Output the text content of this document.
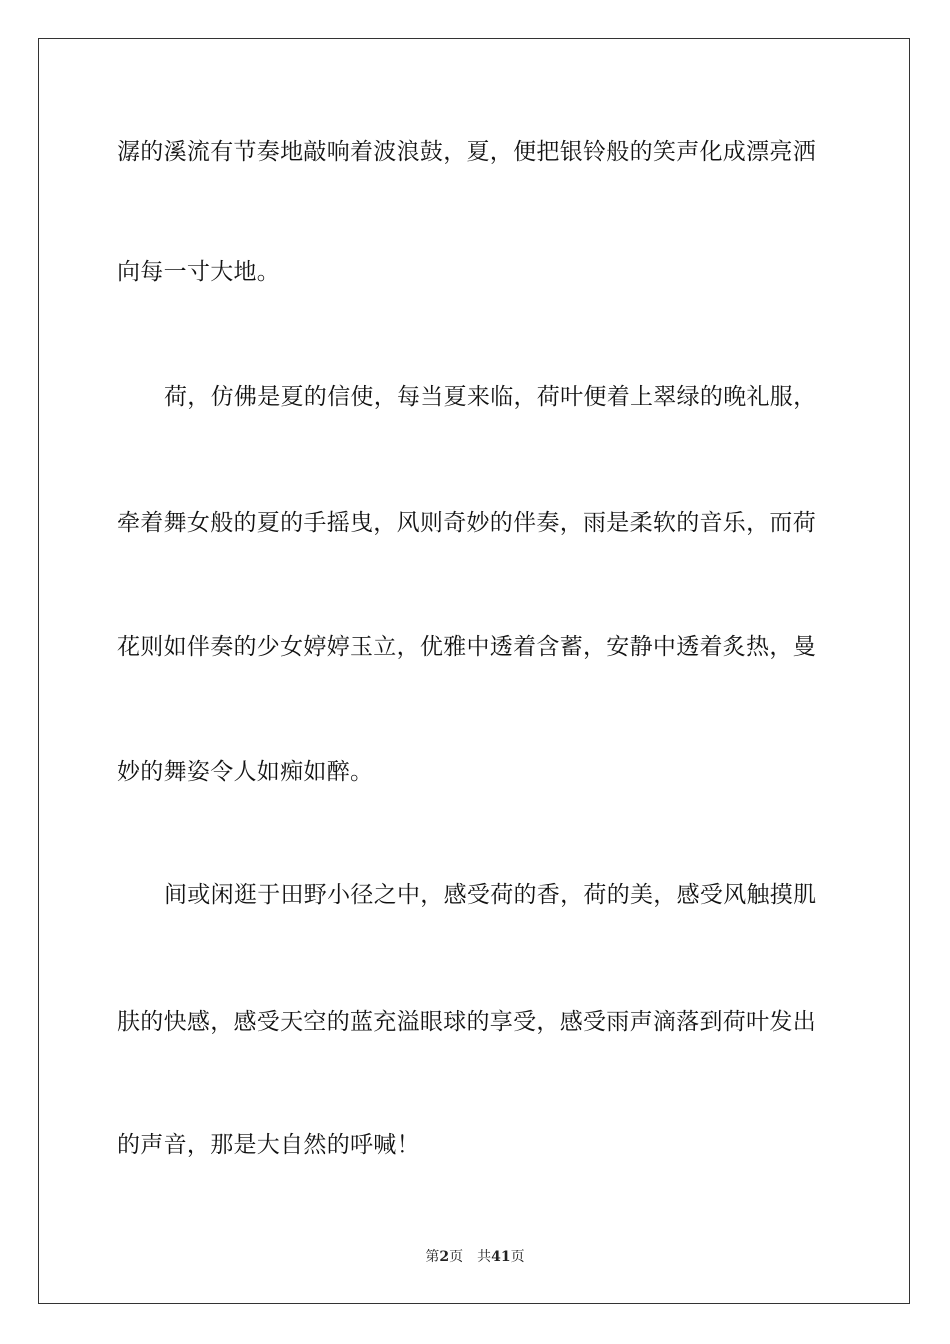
潺的溪流有节奏地敲响着波浪鼓，夏，便把银铃般的笑声化成漂亮洒
向每一寸大地。
荷，仿佛是夏的信使，每当夏来临，荷叶便着上翠绿的晚礼服，
牵着舞女般的夏的手摇曳，风则奇妙的伴奏，雨是柔软的音乐，而荷
花则如伴奏的少女婷婷玉立，优雅中透着含蓄，安静中透着炙热，曼
妙的舞姿令人如痴如醉。
间或闲逛于田野小径之中，感受荷的香，荷的美，感受风触摸肌
肤的快感，感受天空的蓝充溢眼球的享受，感受雨声滴落到荷叶发出
的声音，那是大自然的呼喊！
第2页 共41页
